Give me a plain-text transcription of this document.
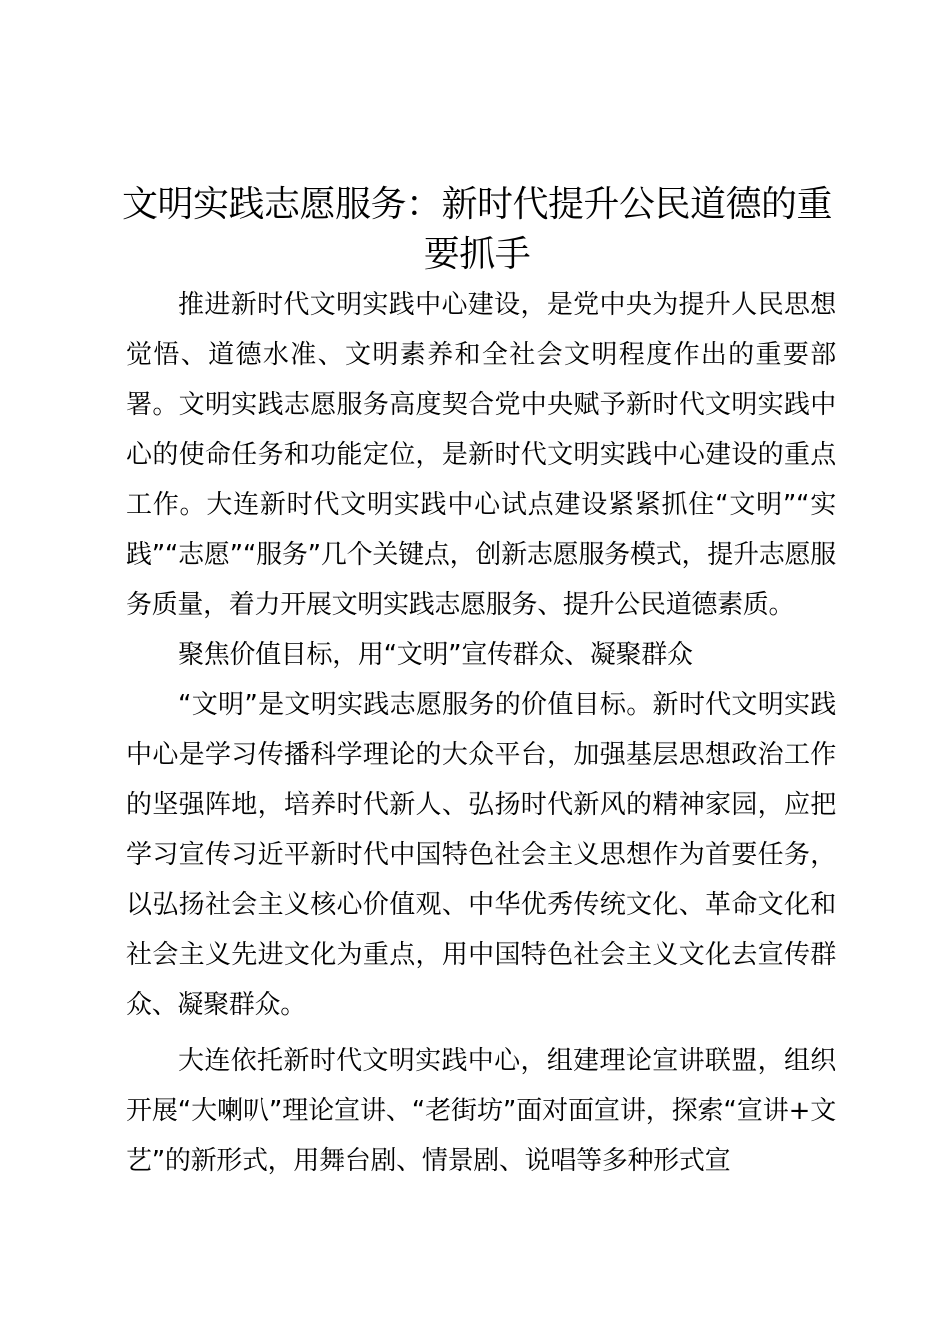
文明实践志愿服务：新时代提升公民道德的重要抓手

推进新时代文明实践中心建设，是党中央为提升人民思想觉悟、道德水准、文明素养和全社会文明程度作出的重要部署。文明实践志愿服务高度契合党中央赋予新时代文明实践中心的使命任务和功能定位，是新时代文明实践中心建设的重点工作。大连新时代文明实践中心试点建设紧紧抓住“文明”“实践”“志愿”“服务”几个关键点，创新志愿服务模式，提升志愿服务质量，着力开展文明实践志愿服务、提升公民道德素质。

聚焦价值目标，用“文明”宣传群众、凝聚群众

“文明”是文明实践志愿服务的价值目标。新时代文明实践中心是学习传播科学理论的大众平台，加强基层思想政治工作的坚强阵地，培养时代新人、弘扬时代新风的精神家园，应把学习宣传习近平新时代中国特色社会主义思想作为首要任务，以弘扬社会主义核心价值观、中华优秀传统文化、革命文化和社会主义先进文化为重点，用中国特色社会主义文化去宣传群众、凝聚群众。

大连依托新时代文明实践中心，组建理论宣讲联盟，组织开展“大喇叭”理论宣讲、“老街坊”面对面宣讲，探索“宣讲+文艺”的新形式，用舞台剧、情景剧、说唱等多种形式宣
